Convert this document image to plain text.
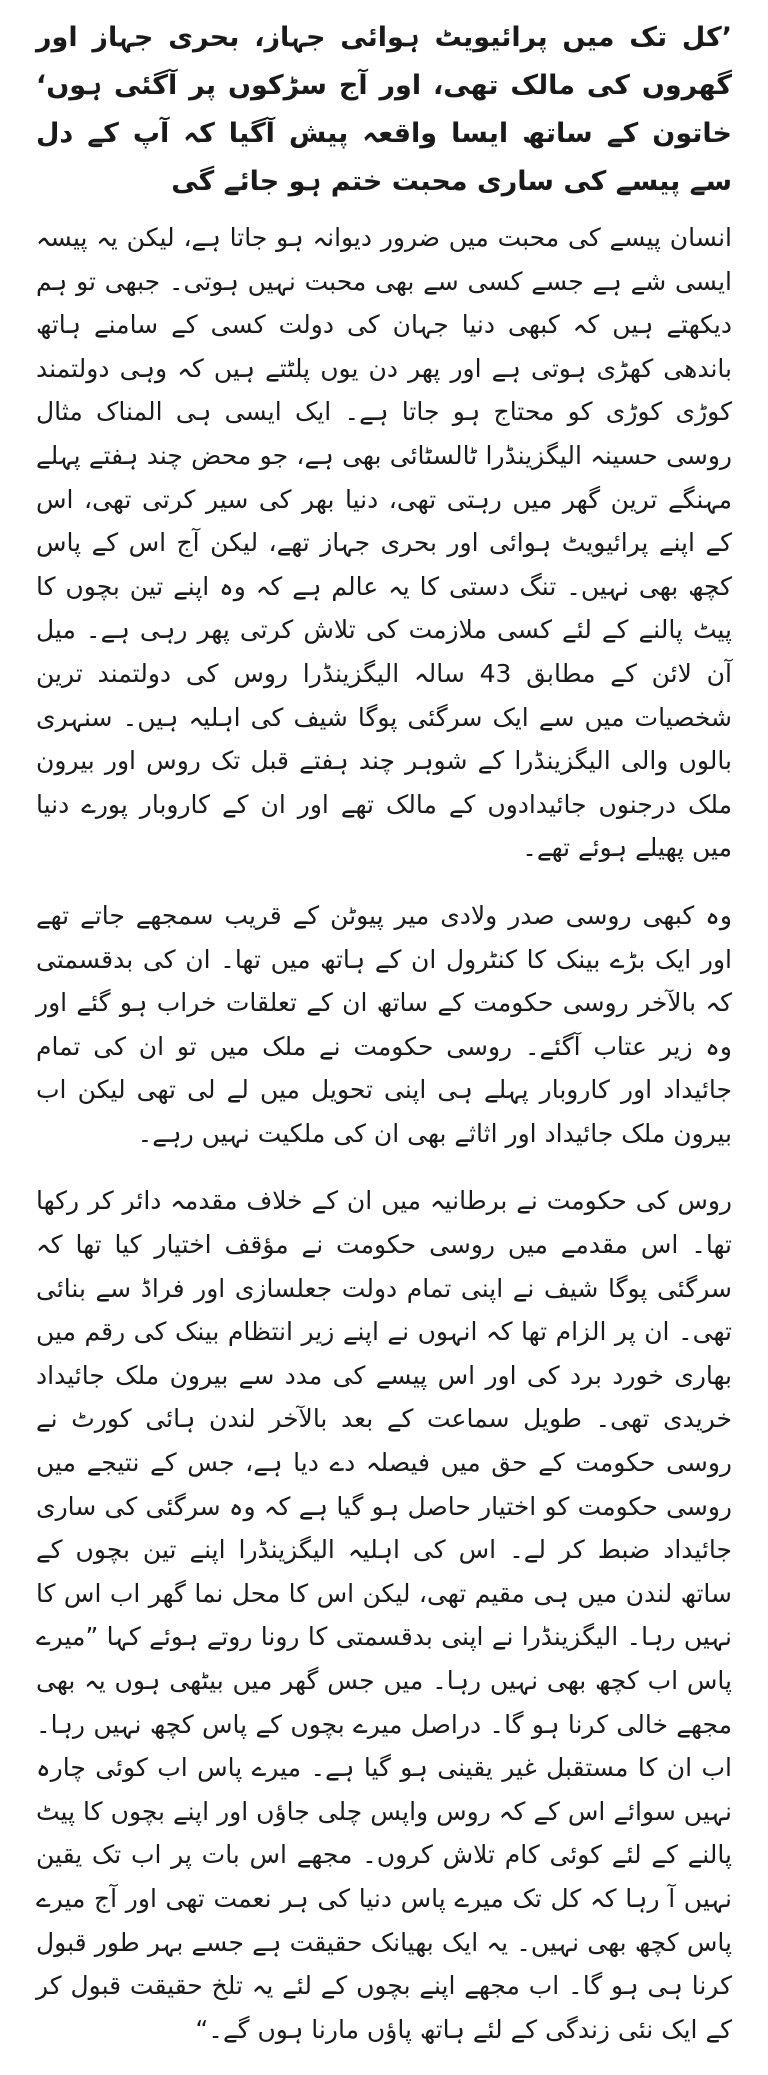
’کل تک میں پرائیویٹ ہوائی جہاز، بحری جہاز اور گھروں کی مالک تھی، اور آج سڑکوں پر آگئی ہوں‘ خاتون کے ساتھ ایسا واقعہ پیش آگیا کہ آپ کے دل سے پیسے کی ساری محبت ختم ہو جائے گی

انسان پیسے کی محبت میں ضرور دیوانہ ہو جاتا ہے، لیکن یہ پیسہ ایسی شے ہے جسے کسی سے بھی محبت نہیں ہوتی۔ جبھی تو ہم دیکھتے ہیں کہ کبھی دنیا جہان کی دولت کسی کے سامنے ہاتھ باندھی کھڑی ہوتی ہے اور پھر دن یوں پلٹتے ہیں کہ وہی دولتمند کوڑی کوڑی کو محتاج ہو جاتا ہے۔ ایک ایسی ہی المناک مثال روسی حسینہ الیگزینڈرا ٹالسٹائی بھی ہے، جو محض چند ہفتے پہلے مہنگے ترین گھر میں رہتی تھی، دنیا بھر کی سیر کرتی تھی، اس کے اپنے پرائیویٹ ہوائی اور بحری جہاز تھے، لیکن آج اس کے پاس کچھ بھی نہیں۔ تنگ دستی کا یہ عالم ہے کہ وہ اپنے تین بچوں کا پیٹ پالنے کے لئے کسی ملازمت کی تلاش کرتی پھر رہی ہے۔ میل آن لائن کے مطابق 43 سالہ الیگزینڈرا روس کی دولتمند ترین شخصیات میں سے ایک سرگئی پوگا شیف کی اہلیہ ہیں۔ سنہری بالوں والی الیگزینڈرا کے شوہر چند ہفتے قبل تک روس اور بیرون ملک درجنوں جائیدادوں کے مالک تھے اور ان کے کاروبار پورے دنیا میں پھیلے ہوئے تھے۔

وہ کبھی روسی صدر ولادی میر پیوٹن کے قریب سمجھے جاتے تھے اور ایک بڑے بینک کا کنٹرول ان کے ہاتھ میں تھا۔ ان کی بدقسمتی کہ بالآخر روسی حکومت کے ساتھ ان کے تعلقات خراب ہو گئے اور وہ زیر عتاب آگئے۔ روسی حکومت نے ملک میں تو ان کی تمام جائیداد اور کاروبار پہلے ہی اپنی تحویل میں لے لی تھی لیکن اب بیرون ملک جائیداد اور اثاثے بھی ان کی ملکیت نہیں رہے۔

روس کی حکومت نے برطانیہ میں ان کے خلاف مقدمہ دائر کر رکھا تھا۔ اس مقدمے میں روسی حکومت نے مؤقف اختیار کیا تھا کہ سرگئی پوگا شیف نے اپنی تمام دولت جعلسازی اور فراڈ سے بنائی تھی۔ ان پر الزام تھا کہ انہوں نے اپنے زیر انتظام بینک کی رقم میں بھاری خورد برد کی اور اس پیسے کی مدد سے بیرون ملک جائیداد خریدی تھی۔ طویل سماعت کے بعد بالآخر لندن ہائی کورٹ نے روسی حکومت کے حق میں فیصلہ دے دیا ہے، جس کے نتیجے میں روسی حکومت کو اختیار حاصل ہو گیا ہے کہ وہ سرگئی کی ساری جائیداد ضبط کر لے۔ اس کی اہلیہ الیگزینڈرا اپنے تین بچوں کے ساتھ لندن میں ہی مقیم تھی، لیکن اس کا محل نما گھر اب اس کا نہیں رہا۔ الیگزینڈرا نے اپنی بدقسمتی کا رونا روتے ہوئے کہا ”میرے پاس اب کچھ بھی نہیں رہا۔ میں جس گھر میں بیٹھی ہوں یہ بھی مجھے خالی کرنا ہو گا۔ دراصل میرے بچوں کے پاس کچھ نہیں رہا۔ اب ان کا مستقبل غیر یقینی ہو گیا ہے۔ میرے پاس اب کوئی چارہ نہیں سوائے اس کے کہ روس واپس چلی جاؤں اور اپنے بچوں کا پیٹ پالنے کے لئے کوئی کام تلاش کروں۔ مجھے اس بات پر اب تک یقین نہیں آ رہا کہ کل تک میرے پاس دنیا کی ہر نعمت تھی اور آج میرے پاس کچھ بھی نہیں۔ یہ ایک بھیانک حقیقت ہے جسے بہر طور قبول کرنا ہی ہو گا۔ اب مجھے اپنے بچوں کے لئے یہ تلخ حقیقت قبول کر کے ایک نئی زندگی کے لئے ہاتھ پاؤں مارنا ہوں گے۔“
